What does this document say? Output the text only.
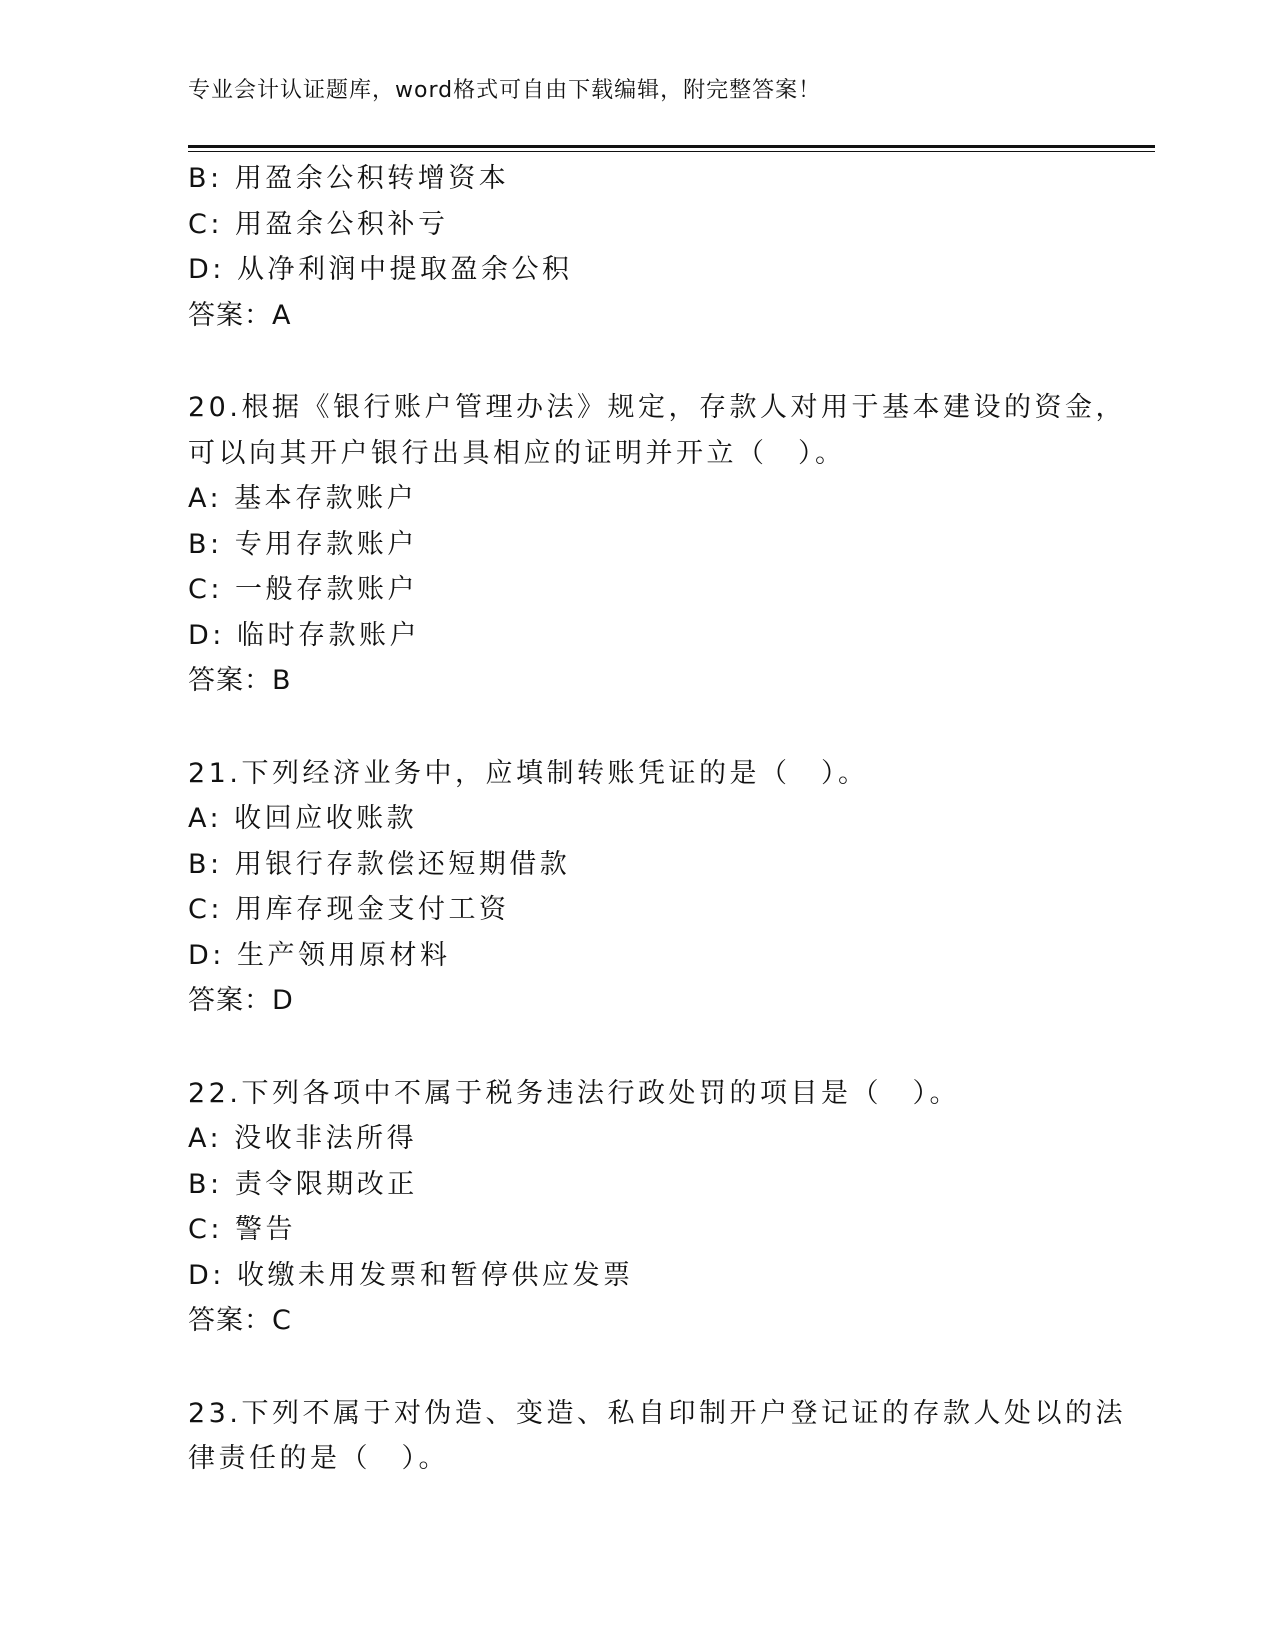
专业会计认证题库，word格式可自由下载编辑，附完整答案！
B: 用盈余公积转增资本
C: 用盈余公积补亏
D: 从净利润中提取盈余公积
答案：A
20.根据《银行账户管理办法》规定，存款人对用于基本建设的资金，
可以向其开户银行出具相应的证明并开立（　）。
A: 基本存款账户
B: 专用存款账户
C: 一般存款账户
D: 临时存款账户
答案：B
21.下列经济业务中，应填制转账凭证的是（　）。
A: 收回应收账款
B: 用银行存款偿还短期借款
C: 用库存现金支付工资
D: 生产领用原材料
答案：D
22.下列各项中不属于税务违法行政处罚的项目是（　）。
A: 没收非法所得
B: 责令限期改正
C: 警告
D: 收缴未用发票和暂停供应发票
答案：C
23.下列不属于对伪造、变造、私自印制开户登记证的存款人处以的法
律责任的是（　）。
